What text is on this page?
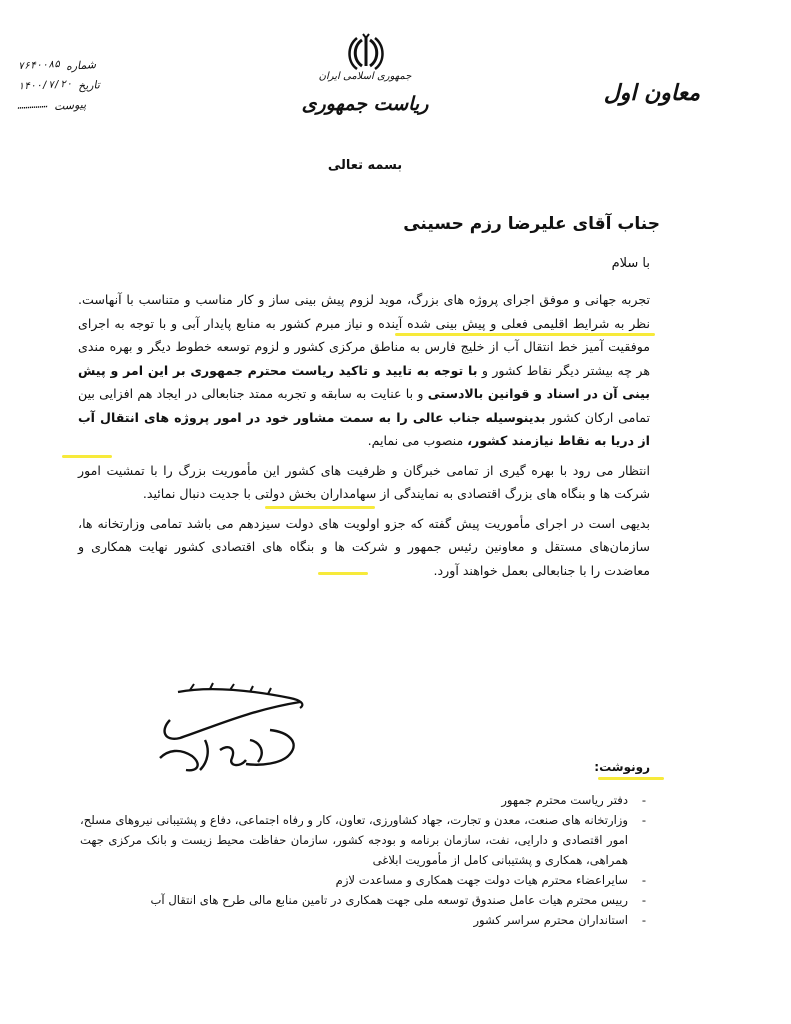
شماره
۷۶۴۰۰۸۵
تاریخ
۱۴۰۰/۷/۲۰
پیوست
……………
جمهوری اسلامی ایران
ریاست جمهوری	معاون اول
بسمه تعالی
جناب آقای علیرضا رزم حسینی
با سلام

تجربه جهانی و موفق اجرای پروژه های بزرگ، موید لزوم پیش بینی ساز و کار مناسب و متناسب با آنهاست. نظر به شرایط اقلیمی فعلی و پیش بینی شده آینده و نیاز مبرم کشور به منابع پایدار آبی و با توجه به اجرای موفقیت آمیز خط انتقال آب از خلیج فارس به مناطق مرکزی کشور و لزوم توسعه خطوط دیگر و بهره مندی هر چه بیشتر دیگر نقاط کشور و با توجه به تایید و تاکید ریاست محترم جمهوری بر این امر و پیش بینی آن در اسناد و قوانین بالادستی و با عنایت به سابقه و تجربه ممتد جنابعالی در ایجاد هم افزایی بین تمامی ارکان کشور بدینوسیله جناب عالی را به سمت مشاور خود در امور پروژه های انتقال آب از دریا به نقاط نیازمند کشور، منصوب می نمایم.

انتظار می رود با بهره گیری از تمامی خبرگان و ظرفیت های کشور این مأموریت بزرگ را با تمشیت امور شرکت ها و بنگاه های بزرگ اقتصادی به نمایندگی از سهامداران بخش دولتی با جدیت دنبال نمائید.

بدیهی است در اجرای مأموریت پیش گفته که جزو اولویت های دولت سیزدهم می باشد تمامی وزارتخانه ها، سازمان‌های مستقل و معاونین رئیس جمهور و شرکت ها و بنگاه های اقتصادی کشور نهایت همکاری و معاضدت را با جنابعالی بعمل خواهند آورد.

رونوشت:
-
دفتر ریاست محترم جمهور
-
وزارتخانه های صنعت، معدن و تجارت، جهاد کشاورزی، تعاون، کار و رفاه اجتماعی، دفاع و پشتیبانی نیروهای مسلح، امور اقتصادی و دارایی، نفت، سازمان برنامه و بودجه کشور، سازمان حفاظت محیط زیست و بانک مرکزی جهت همراهی، همکاری و پشتیبانی کامل از مأموریت ابلاغی
-
سایراعضاء محترم هیات دولت جهت همکاری و مساعدت لازم
-
رییس محترم هیات عامل صندوق توسعه ملی جهت همکاری در تامین منابع مالی طرح های انتقال آب
-
استانداران محترم سراسر کشور
